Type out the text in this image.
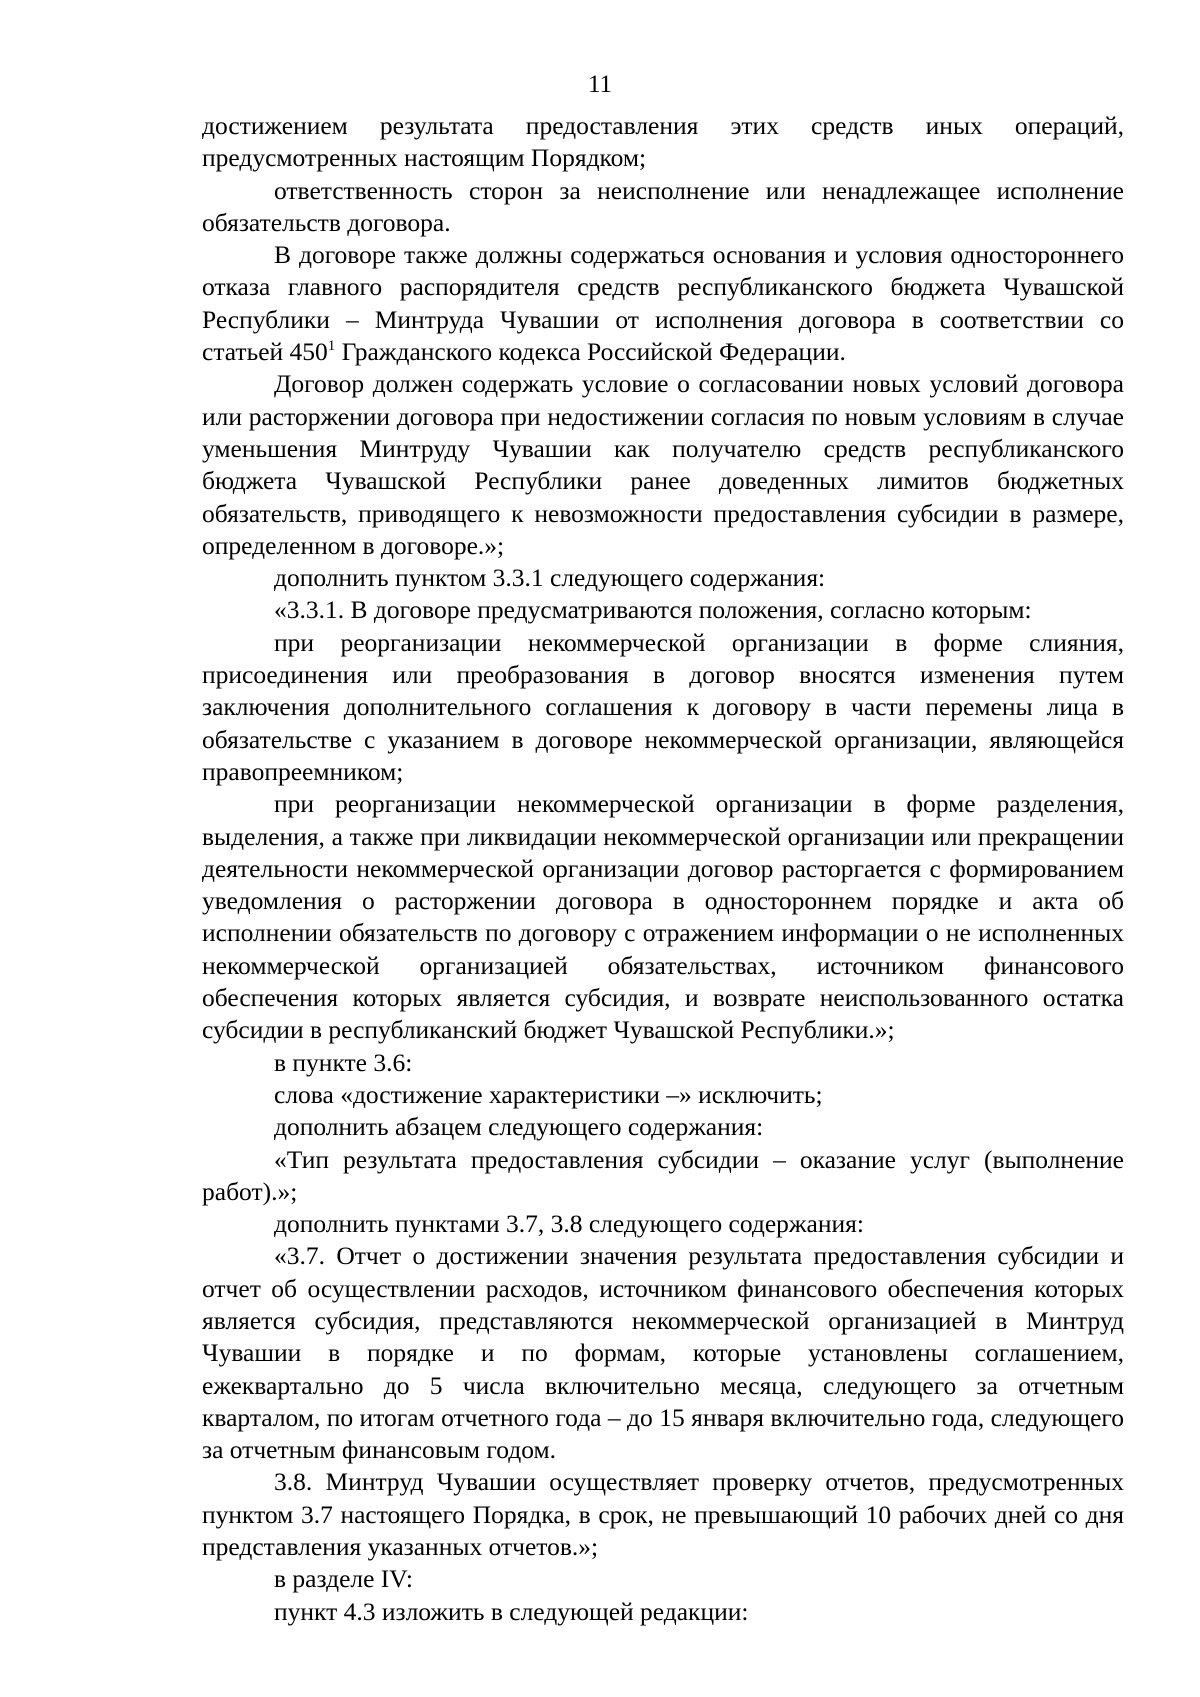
11

достижением результата предоставления этих средств иных операций, предусмотренных настоящим Порядком;

ответственность сторон за неисполнение или ненадлежащее исполнение обязательств договора.

В договоре также должны содержаться основания и условия одностороннего отказа главного распорядителя средств республиканского бюджета Чувашской Республики – Минтруда Чувашии от исполнения договора в соответствии со статьей $450^1$ Гражданского кодекса Российской Федерации.

Договор должен содержать условие о согласовании новых условий договора или расторжении договора при недостижении согласия по новым условиям в случае уменьшения Минтруду Чувашии как получателю средств республиканского бюджета Чувашской Республики ранее доведенных лимитов бюджетных обязательств, приводящего к невозможности предоставления субсидии в размере, определенном в договоре.»;

дополнить пунктом 3.3.1 следующего содержания:

«3.3.1. В договоре предусматриваются положения, согласно которым:

при реорганизации некоммерческой организации в форме слияния, присоединения или преобразования в договор вносятся изменения путем заключения дополнительного соглашения к договору в части перемены лица в обязательстве с указанием в договоре некоммерческой организации, являющейся правопреемником;

при реорганизации некоммерческой организации в форме разделения, выделения, а также при ликвидации некоммерческой организации или прекращении деятельности некоммерческой организации договор расторгается с формированием уведомления о расторжении договора в одностороннем порядке и акта об исполнении обязательств по договору с отражением информации о не исполненных некоммерческой организацией обязательствах, источником финансового обеспечения которых является субсидия, и возврате неиспользованного остатка субсидии в республиканский бюджет Чувашской Республики.»;

в пункте 3.6:

слова «достижение характеристики –» исключить;

дополнить абзацем следующего содержания:

«Тип результата предоставления субсидии – оказание услуг (выполнение работ).»;

дополнить пунктами 3.7, 3.8 следующего содержания:

«3.7. Отчет о достижении значения результата предоставления субсидии и отчет об осуществлении расходов, источником финансового обеспечения которых является субсидия, представляются некоммерческой организацией в Минтруд Чувашии в порядке и по формам, которые установлены соглашением, ежеквартально до 5 числа включительно месяца, следующего за отчетным кварталом, по итогам отчетного года – до 15 января включительно года, следующего за отчетным финансовым годом.

3.8. Минтруд Чувашии осуществляет проверку отчетов, предусмотренных пунктом 3.7 настоящего Порядка, в срок, не превышающий 10 рабочих дней со дня представления указанных отчетов.»;

в разделе IV:

пункт 4.3 изложить в следующей редакции:
